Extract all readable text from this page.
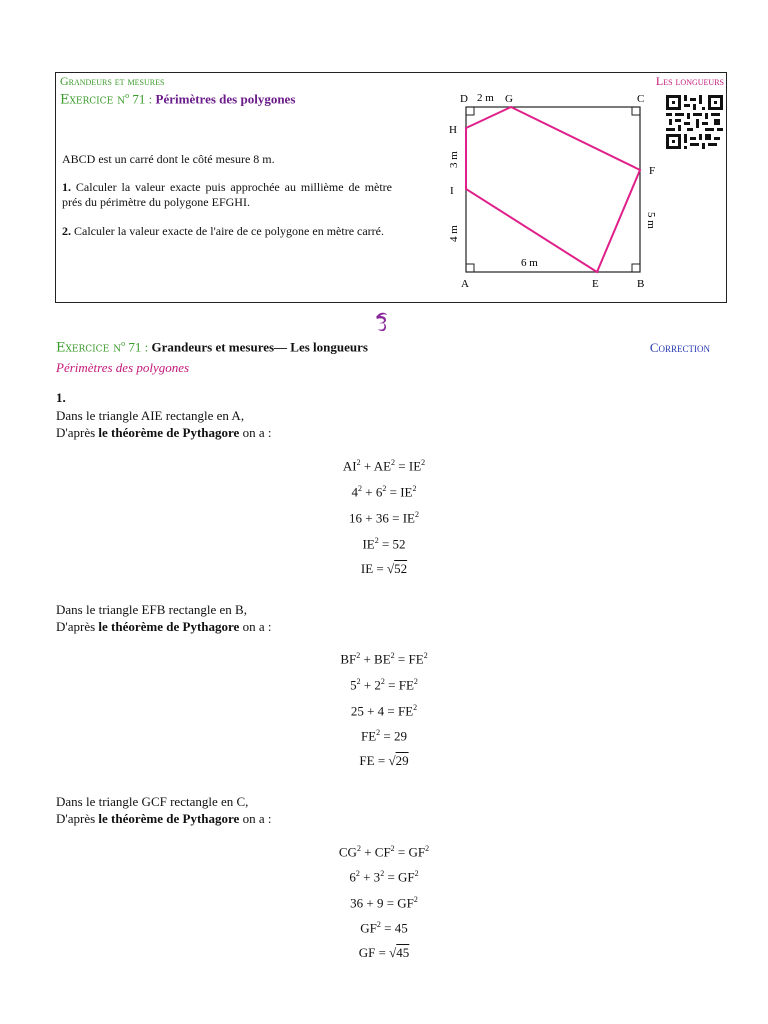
Grandeurs et mesures	Les longueurs
Exercice $n^o$ 71 : Périmètres des polygones
ABCD est un carré dont le côté mesure 8 m.
1. Calculer la valeur exacte puis approchée au millième de mètre prés du périmètre du polygone EFGHI.
2. Calculer la valeur exacte de l'aire de ce polygone en mètre carré.
D	G	C
H
F
I
A	E	B
2 m
3 m
4 m
5 m
6 m
Exercice $n^o$ 71 : Grandeurs et mesures— Les longueurs	Correction
Périmètres des polygones
1.
Dans le triangle AIE rectangle en A,
D'après le théorème de Pythagore on a :
$AI^2 + AE^2 = IE^2$
$4^2 + 6^2 = IE^2$
$16 + 36 = IE^2$
$IE^2 = 52$
IE = √52
Dans le triangle EFB rectangle en B,
D'après le théorème de Pythagore on a :
$BF^2 + BE^2 = FE^2$
$5^2 + 2^2 = FE^2$
$25 + 4 = FE^2$
$FE^2 = 29$
FE = √29
Dans le triangle GCF rectangle en C,
D'après le théorème de Pythagore on a :
$CG^2 + CF^2 = GF^2$
$6^2 + 3^2 = GF^2$
$36 + 9 = GF^2$
$GF^2 = 45$
GF = √45
